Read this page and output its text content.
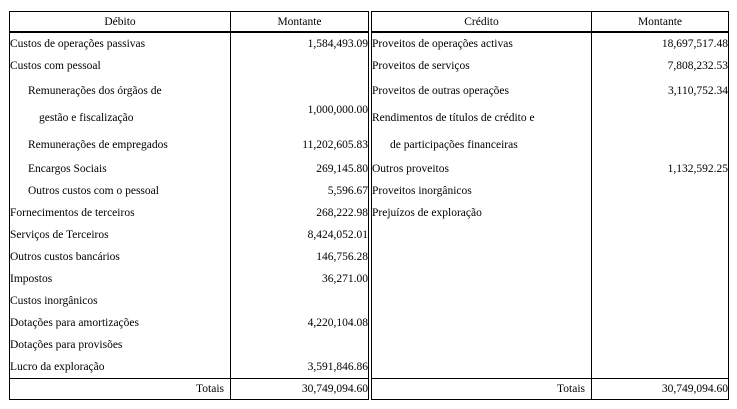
Débito	Montante		Crédito	Montante
Custos de operações passivas	1,584,493.09		Proveitos de operações activas	18,697,517.48
Custos com pessoal			Proveitos de serviços	7,808,232.53
Remunerações dos órgãos de			Proveitos de outras operações	3,110,752.34
gestão e fiscalização	1,000,000.00		Rendimentos de títulos de crédito e	
Remunerações de empregados	11,202,605.83		de participações financeiras	
Encargos Sociais	269,145.80		Outros proveitos	1,132,592.25
Outros custos com o pessoal	5,596.67		Proveitos inorgânicos	
Fornecimentos de terceiros	268,222.98		Prejuízos de exploração	
Serviços de Terceiros	8,424,052.01			
Outros custos bancários	146,756.28			
Impostos	36,271.00			
Custos inorgânicos				
Dotações para amortizações	4,220,104.08			
Dotações para provisões				
Lucro da exploração	3,591,846.86			
Totais	30,749,094.60		Totais	30,749,094.60
